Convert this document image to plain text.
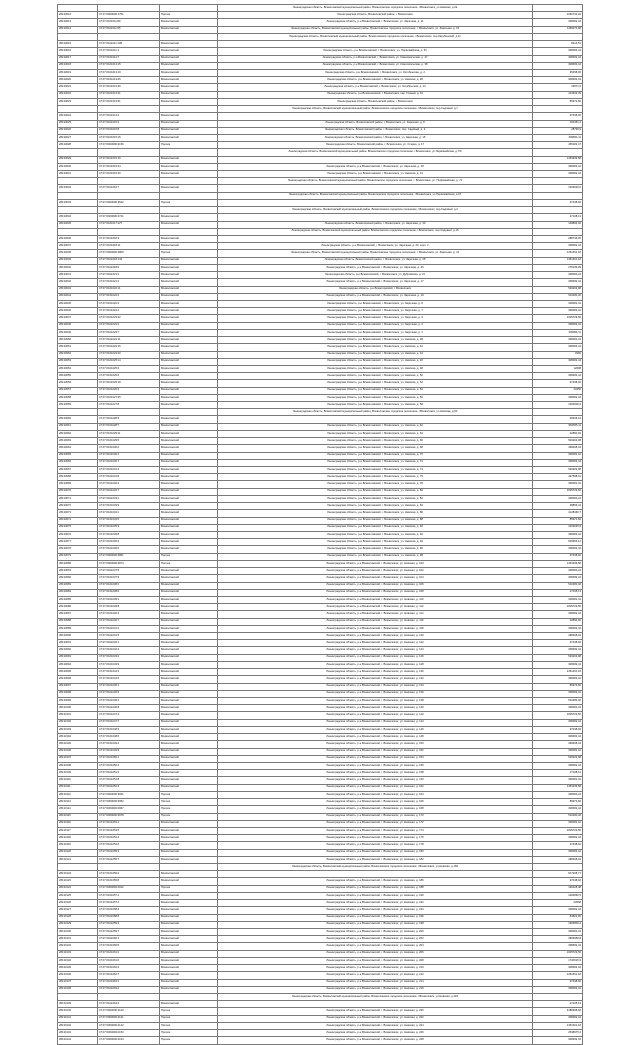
			Ленинградская область, Всеволожский муниципальный район, Всеволожское городское поселение, г.Всеволожск, ул.Невская, д.2а	
28133012	47:07:0000000:1701	Прочие	Ленинградская область, Всеволожский район, г. Всеволожск	1050732,22
28133013	47:07:0101011:80	Всеволожский	Ленинградская область, р-н Всеволожский, г. Всеволожск, ул. Заречная, д. 11	308482,44
28133014	47:07:0101011:95	Всеволожский	Ленинградская область, Всеволожский муниципальный район, Всеволожское городское поселение, г. Всеволожск, ул. Заречная, д. 15	1460074,98
			Ленинградская область, Всеволожский муниципальный район, Всеволожское городское поселение, г.Всеволожск, пер.Зарубинский, д.11	
28133015	47:07:0101011:108	Всеволожский		8214,51
28133016	47:07:0101011:1	Всеволожский	Ленинградская область, р-н Всеволожский, г. Всеволожск, ул. Первомайская, д. 51	308482,44
28133017	47:07:0101012:7	Всеволожский	Ленинградская область, р-н Всеволожский, г. Всеволожск, ул. Комсомольская, д. 47	308482,44
28133018	47:07:0101013:15	Всеволожский	Ленинградская область, р-н Всеволожский, г. Всеволожск, ул. Комсомольская, д. 38	308482,44
28133019	47:07:0101013:19	Всеволожский	Ленинградская область, р-н Всеволожский, г. Всеволожск, ул. Октябрьская, д. 2	95458,96
28133020	47:07:0101013:25	Всеволожский	Ленинградская область, р-н Всеволожский, г. Всеволожск, ул. Невская, д. 28	308482,44
28133021	47:07:0101013:30	Всеволожский	Ленинградская область, р-н Всеволожский, г. Всеволожск, ул. Октябрьская, д. 13	19571,5
28133022	47:07:0101013:41	Всеволожский	Ленинградская область, р-н Всеволожский, г. Всеволожск, пер. Горный, д. 10	413403,49
28133023	47:07:0101013:51	Всеволожский	Ленинградская область, Всеволожский район, г. Всеволожск	85974,82
			Ленинградская область, Всеволожский муниципальный район, Всеволожское городское поселение, г.Всеволожск, пер.Садовый, д.7	
28133024	47:07:0101014:4	Всеволожский		97438,92
28133025	47:07:0101015:2	Всеволожский	Ленинградская область, Всеволожский район, г. Всеволожск, ул. Заречная, д. 9	194451,2
28133026	47:07:0101015:8	Всеволожский	Ленинградская область, Всеволожский район, г. Всеволожск, пер. Садовый, д. 3	28739,9
28133027	47:07:0101015:15	Всеволожский	Ленинградская область, Всеволожский район, г. Всеволожск, ул. Заречная, д. 15	309651,11
28133028	47:07:0000000:3159	Прочие	Ленинградская область, Всеволожский район, г. Всеволожск, ул. Старая, д. 17	465183,47
			Ленинградская область, Всеволожский муниципальный район, Всеволожское городское поселение, г.Всеволожск, ул.Первомайская, д.7/9	
28133029	47:07:0101015:16	Всеволожский		1453499,58
28133030	47:07:0101015:24	Всеволожский	Ленинградская область, р-н Всеволожский, г. Всеволожск, ул. Заречная, д. 18	308482,44
28133031	47:07:0101015:30	Всеволожский	Ленинградская область, р-н Всеволожский, г. Всеволожск, ул. Невская, д. 31	308482,44
			Ленинградская область, Всеволожский муниципальный район, Всеволожское городское поселение, г. Всеволожск, ул. Первомайская, д. 72	
28133032	47:07:0101016:7	Всеволожский		1003636,6
			Ленинградская область, Всеволожский муниципальный район, Всеволожское городское поселение, г.Всеволожск, ул.Первомайская, д.67	
28133033	47:07:0000000:3542	Прочие		97438,92
			Ленинградская область, Всеволожский муниципальный район, Всеволожское городское поселение, г.Всеволожск, пер.Садовый, д.2	
28133034	47:07:0000000:4741	Всеволожский		27108,13
28133035	47:07:0101017:127	Всеволожский	Ленинградская область, Всеволожский район, г. Всеволожск, ул. Заречная, д. 30	139893,32
			Ленинградская область, Всеволожский муниципальный район, Всеволожское городское поселение, г.Всеволожск, пер.Садовый, д.15	
28133036	47:07:0101018:3	Всеволожский		288736,35
28133037	47:07:0101018:11	Всеволожский	Ленинградская область, р-н Всеволожский, г. Всеволожск, ул. Заречная, д. 23, корп. 2	308482,44
28133038	47:07:0000000:4805	Прочие	Ленинградская область, Всеволожский муниципальный район, Всеволожское городское поселение, г. Всеволожск, ул. Заречная, д. 41	1451461,18
28133039	47:07:0101018:144	Всеволожский	Ленинградская область, Всеволожский район, г. Всеволожск, ул. Заречная, д. 25	1451461,18
28133040	47:07:0101018:6	Всеволожский	Ленинградская область, р-н Всеволожский, г. Всеволожск, ул. Заречная, д. 45	278139,09
28133041	47:07:0101021:2	Всеволожский	Ленинградская область, р-н Всеволожский, г. Всеволожск, ул. Дубровская, д. 21	308482,44
28133042	47:07:0101021:4	Всеволожский	Ленинградская область, р-н Всеволожский, г. Всеволожск, ул. Заречная, д. 17	308482,44
28133043	47:07:0101022:11	Всеволожский	Ленинградская область, р-н Всеволожский, г. Всеволожск	529203,98
28133044	47:07:0101022:2	Всеволожский	Ленинградская область, р-н Всеволожский, г. Всеволожск, ул. Заречная, д. 19	510480,46
28133045	47:07:0101022:3	Всеволожский	Ленинградская область, р-н Всеволожский, г. Всеволожск, ул. Заречная, д. 8	308482,44
28133046	47:07:0101022:4	Всеволожский	Ленинградская область, р-н Всеволожский, г. Всеволожск, ул. Заречная, д. 7	308482,44
28133047	47:07:0101023:22	Всеволожский	Ленинградская область, р-н Всеволожский, г. Всеволожск, ул. Заречная, д. 3	1005729,56
28133048	47:07:0101023:4	Всеволожский	Ленинградская область, р-н Всеволожский, г. Всеволожск, ул. Заречная, д. 2	308482,44
28133049	47:07:0101023:7	Всеволожский	Ленинградская область, р-н Всеволожский, г. Всеволожск, ул. Заречная, д. 1	309651,11
28133050	47:07:0101024:11	Всеволожский	Ленинградская область, р-н Всеволожский, г. Всеволожск, ул. Невская, д. 38	308482,44
28133051	47:07:0101024:16	Всеволожский	Ленинградская область, р-н Всеволожский, г. Всеволожск, ул. Невская, д. 42	308482,44
28133052	47:07:0101024:20	Всеволожский	Ленинградская область, р-н Всеволожский, г. Всеволожск, ул. Невская, д. 44	3300
28133053	47:07:0101025:14	Всеволожский	Ленинградская область, р-н Всеволожский, г. Всеволожск, ул. Невская, д. 46	308482,44
28133054	47:07:0101025:2	Всеволожский	Ленинградская область, р-н Всеволожский, г. Всеволожск, ул. Невская, д. 48	12698
28133055	47:07:0101025:6	Всеволожский	Ленинградская область, р-н Всеволожский, г. Всеволожск, ул. Невская, д. 50	308482,44
28133056	47:07:0101026:18	Всеволожский	Ленинградская область, р-н Всеволожский, г. Всеволожск, ул. Невская, д. 52	97438,92
28133057	47:07:0101026:2	Всеволожский	Ленинградская область, р-н Всеволожский, г. Всеволожск, ул. Невская, д. 54	43450
28133058	47:07:0101027:25	Всеволожский	Ленинградская область, р-н Всеволожский, г. Всеволожск, ул. Невская, д. 56	308482,44
28133059	47:07:0101027:8	Всеволожский	Ленинградская область, р-н Всеволожский, г. Всеволожск, ул. Невская, д. 58	1450000,2
			Ленинградская область, Всеволожский муниципальный район, Всеволожское городское поселение, г.Всеволожск, ул.Невская, д.60	
28133060	47:07:0101028:3	Всеволожский		48466,19
28133061	47:07:0101028:7	Всеволожский	Ленинградская область, р-н Всеволожский, г. Всеволожск, ул. Невская, д. 62	984655,11
28133062	47:07:0101029:11	Всеволожский	Ленинградская область, р-н Всеволожский, г. Всеволожск, ул. Невская, д. 64	32890,02
28133063	47:07:0101029:5	Всеволожский	Ленинградская область, р-н Всеволожский, г. Всеволожск, ул. Невская, д. 66	529203,98
28133064	47:07:0101030:2	Всеволожский	Ленинградская область, р-н Всеволожский, г. Всеволожск, ул. Невская, д. 68	468468,44
28133065	47:07:0101030:4	Всеволожский	Ленинградская область, р-н Всеволожский, г. Всеволожск, ул. Невская, д. 70	308482,44
28133066	47:07:0101030:7	Всеволожский	Ленинградская область, р-н Всеволожский, г. Всеволожск, ул. Невская, д. 72	308482,44
28133067	47:07:0101031:4	Всеволожский	Ленинградская область, р-н Всеволожский, г. Всеволожск, ул. Невская, д. 74	529203,98
28133068	47:07:0101031:8	Всеволожский	Ленинградская область, р-н Всеволожский, г. Всеволожск, ул. Невская, д. 76	497588,01
28133069	47:07:0101032:2	Всеволожский	Ленинградская область, р-н Всеволожский, г. Всеволожск, ул. Невская, д. 78	308482,44
28133070	47:07:0101032:7	Всеволожский	Ленинградская область, р-н Всеволожский, г. Всеволожск, ул. Невская, д. 80	1005729,56
28133071	47:07:0101033:1	Всеволожский	Ленинградская область, р-н Всеволожский, г. Всеволожск, ул. Невская, д. 82	308482,44
28133072	47:07:0101033:9	Всеволожский	Ленинградская область, р-н Всеволожский, г. Всеволожск, ул. Невская, д. 84	38866,44
28133073	47:07:0101034:1	Всеволожский	Ленинградская область, р-н Всеволожский, г. Всеволожск, ул. Невская, д. 86	4128466,7
28133074	47:07:0101034:5	Всеволожский	Ленинградская область, р-н Всеволожский, г. Всеволожск, ул. Невская, д. 88	85974,82
28133075	47:07:0101035:3	Всеволожский	Ленинградская область, р-н Всеволожский, г. Всеволожск, ул. Невская, д. 90	1003636,6
28133076	47:07:0101035:8	Всеволожский	Ленинградская область, р-н Всеволожский, г. Всеволожск, ул. Невская, д. 92	308482,44
28133077	47:07:0101036:2	Всеволожский	Ленинградская область, р-н Всеволожский, г. Всеволожск, ул. Невская, д. 94	509655,14
28133078	47:07:0101036:6	Всеволожский	Ленинградская область, р-н Всеволожский, г. Всеволожск, ул. Невская, д. 96	308482,44
28133079	47:07:0000000:3861	Прочие	Ленинградская область, р-н Всеволожский, г. Всеволожск, ул. Невская, д. 98	97438,92
28133080	47:07:0000000:3874	Прочие	Ленинградская область, р-н Всеволожский, г. Всеволожск, ул. Невская, д. 100	1453499,58
28133081	47:07:0101037:5	Всеволожский	Ленинградская область, р-н Всеволожский, г. Всеволожск, ул. Невская, д. 102	308482,44
28133082	47:07:0101037:9	Всеволожский	Ленинградская область, р-н Всеволожский, г. Всеволожск, ул. Невская, д. 104	308482,44
28133083	47:07:0101038:2	Всеволожский	Ленинградская область, р-н Всеволожский, г. Всеволожск, ул. Невская, д. 106	510480,46
28133084	47:07:0101038:6	Всеволожский	Ленинградская область, р-н Всеволожский, г. Всеволожск, ул. Невская, д. 108	27108,13
28133085	47:07:0101039:1	Всеволожский	Ленинградская область, р-н Всеволожский, г. Всеволожск, ул. Невская, д. 110	308482,44
28133086	47:07:0101039:8	Всеволожский	Ленинградская область, р-н Всеволожский, г. Всеволожск, ул. Невская, д. 112	1005729,56
28133087	47:07:0101040:3	Всеволожский	Ленинградская область, р-н Всеволожский, г. Всеволожск, ул. Невская, д. 114	308482,44
28133088	47:07:0101040:7	Всеволожский	Ленинградская область, р-н Всеволожский, г. Всеволожск, ул. Невская, д. 116	32890,02
28133089	47:07:0101041:2	Всеволожский	Ленинградская область, р-н Всеволожский, г. Всеволожск, ул. Невская, д. 118	308482,44
28133090	47:07:0101041:5	Всеволожский	Ленинградская область, р-н Всеволожский, г. Всеволожск, ул. Невская, д. 120	468468,44
28133091	47:07:0101042:1	Всеволожский	Ленинградская область, р-н Всеволожский, г. Всеволожск, ул. Невская, д. 122	97438,92
28133092	47:07:0101042:4	Всеволожский	Ленинградская область, р-н Всеволожский, г. Всеволожск, ул. Невская, д. 124	308482,44
28133093	47:07:0101043:2	Всеволожский	Ленинградская область, р-н Всеволожский, г. Всеволожск, ул. Невская, д. 126	529203,98
28133094	47:07:0101043:9	Всеволожский	Ленинградская область, р-н Всеволожский, г. Всеволожск, ул. Невская, д. 128	308482,44
28133095	47:07:0101044:3	Всеволожский	Ленинградская область, р-н Всеволожский, г. Всеволожск, ул. Невская, д. 130	1451461,18
28133096	47:07:0101044:6	Всеволожский	Ленинградская область, р-н Всеволожский, г. Всеволожск, ул. Невская, д. 132	308482,44
28133097	47:07:0101045:1	Всеволожский	Ленинградская область, р-н Всеволожский, г. Всеволожск, ул. Невская, д. 134	85974,82
28133098	47:07:0101045:5	Всеволожский	Ленинградская область, р-н Всеволожский, г. Всеволожск, ул. Невская, д. 136	308482,44
28133099	47:07:0101046:2	Всеволожский	Ленинградская область, р-н Всеволожский, г. Всеволожск, ул. Невская, д. 138	510480,46
28133100	47:07:0101046:8	Всеволожский	Ленинградская область, р-н Всеволожский, г. Всеволожск, ул. Невская, д. 140	308482,44
28133101	47:07:0101047:4	Всеволожский	Ленинградская область, р-н Всеволожский, г. Всеволожск, ул. Невская, д. 142	1005729,56
28133102	47:07:0101047:7	Всеволожский	Ленинградская область, р-н Всеволожский, г. Всеволожск, ул. Невская, д. 144	308482,44
28133103	47:07:0101048:3	Всеволожский	Ленинградская область, р-н Всеволожский, г. Всеволожск, ул. Невская, д. 146	97438,92
28133104	47:07:0101048:6	Всеволожский	Ленинградская область, р-н Всеволожский, г. Всеволожск, ул. Невская, д. 148	308482,44
28133105	47:07:0101049:2	Всеволожский	Ленинградская область, р-н Всеволожский, г. Всеволожск, ул. Невская, д. 150	468468,44
28133106	47:07:0101049:5	Всеволожский	Ленинградская область, р-н Всеволожский, г. Всеволожск, ул. Невская, д. 152	308482,44
28133107	47:07:0101050:1	Всеволожский	Ленинградская область, р-н Всеволожский, г. Всеволожск, ул. Невская, д. 154	529203,98
28133108	47:07:0101050:4	Всеволожский	Ленинградская область, р-н Всеволожский, г. Всеволожск, ул. Невская, д. 156	308482,44
28133109	47:07:0101051:3	Всеволожский	Ленинградская область, р-н Всеволожский, г. Всеволожск, ул. Невская, д. 158	27108,13
28133110	47:07:0101051:8	Всеволожский	Ленинградская область, р-н Всеволожский, г. Всеволожск, ул. Невская, д. 160	308482,44
28133111	47:07:0101052:2	Всеволожский	Ленинградская область, р-н Всеволожский, г. Всеволожск, ул. Невская, д. 162	1453499,58
28133112	47:07:0000000:3941	Прочие	Ленинградская область, р-н Всеволожский, г. Всеволожск, ул. Невская, д. 164	308482,44
28133113	47:07:0000000:3952	Прочие	Ленинградская область, р-н Всеволожский, г. Всеволожск, ул. Невская, д. 166	85974,82
28133114	47:07:0000000:3967	Прочие	Ленинградская область, р-н Всеволожский, г. Всеволожск, ул. Невская, д. 168	308482,44
28133115	47:07:0000000:3978	Прочие	Ленинградская область, р-н Всеволожский, г. Всеволожск, ул. Невская, д. 170	510480,46
28133116	47:07:0101053:1	Всеволожский	Ленинградская область, р-н Всеволожский, г. Всеволожск, ул. Невская, д. 172	308482,44
28133117	47:07:0101053:5	Всеволожский	Ленинградская область, р-н Всеволожский, г. Всеволожск, ул. Невская, д. 174	1005729,56
28133118	47:07:0101054:2	Всеволожский	Ленинградская область, р-н Всеволожский, г. Всеволожск, ул. Невская, д. 176	308482,44
28133119	47:07:0101054:6	Всеволожский	Ленинградская область, р-н Всеволожский, г. Всеволожск, ул. Невская, д. 178	97438,92
28133120	47:07:0101055:3	Всеволожский	Ленинградская область, р-н Всеволожский, г. Всеволожск, ул. Невская, д. 180	308482,44
28133121	47:07:0101055:7	Всеволожский	Ленинградская область, р-н Всеволожский, г. Всеволожск, ул. Невская, д. 182	468468,44
			Ленинградская область, Всеволожский муниципальный район, Всеволожское городское поселение, г.Всеволожск, ул.Невская, д.184	
28133122	47:07:0101056:2	Всеволожский		547308,77
28133123	47:07:0101056:8	Всеволожский	Ленинградская область, р-н Всеволожский, г. Всеволожск, ул. Невская, д. 186	97438,92
28133124	47:07:0000000:4012	Прочие	Ленинградская область, р-н Всеволожский, г. Всеволожск, ул. Невская, д. 188	196428,48
28133125	47:07:0101057:1	Всеволожский	Ленинградская область, р-н Всеволожский, г. Всеволожск, ул. Невская, д. 190	1094860,5
28133126	47:07:0101057:4	Всеволожский	Ленинградская область, р-н Всеволожский, г. Всеволожск, ул. Невская, д. 192	23658
28133127	47:07:0101058:2	Всеволожский	Ленинградская область, р-н Всеволожский, г. Всеволожск, ул. Невская, д. 194	308482,44
28133128	47:07:0101058:6	Всеволожский	Ленинградская область, р-н Всеволожский, г. Всеволожск, ул. Невская, д. 196	64822,05
28133129	47:07:0101059:3	Всеволожский	Ленинградская область, р-н Всеволожский, г. Всеволожск, ул. Невская, д. 198	1964800,2
28133130	47:07:0101059:7	Всеволожский	Ленинградская область, р-н Всеволожский, г. Всеволожск, ул. Невская, д. 200	308482,44
28133131	47:07:0101060:1	Всеволожский	Ленинградская область, р-н Всеволожский, г. Всеволожск, ул. Невская, д. 202	3669958,8
28133132	47:07:0101060:5	Всеволожский	Ленинградская область, р-н Всеволожский, г. Всеволожск, ул. Невская, д. 204	308482,44
28133133	47:07:0101061:2	Всеволожский	Ленинградская область, р-н Всеволожский, г. Всеволожск, ул. Невская, д. 206	1005729,56
28133134	47:07:0101061:6	Всеволожский	Ленинградская область, р-н Всеволожский, г. Всеволожск, ул. Невская, д. 208	1734515,9
28133135	47:07:0101062:3	Всеволожский	Ленинградская область, р-н Всеволожский, г. Всеволожск, ул. Невская, д. 210	308482,44
28133136	47:07:0101062:7	Всеволожский	Ленинградская область, р-н Всеволожский, г. Всеволожск, ул. Невская, д. 212	1451461,18
28133137	47:07:0101063:1	Всеволожский	Ленинградская область, р-н Всеволожский, г. Всеволожск, ул. Невская, д. 214	97438,92
28133138	47:07:0101063:4	Всеволожский	Ленинградская область, р-н Всеволожский, г. Всеволожск, ул. Невская, д. 216	308482,44
			Ленинградская область, Всеволожский муниципальный район, Всеволожское городское поселение, г.Всеволожск, ул.Невская, д.218	
28133139	47:07:0101064:2	Всеволожский		27108,13
28133140	47:07:0000000:4120	Прочие	Ленинградская область, р-н Всеволожский, г. Всеволожск, ул. Невская, д. 220	2188468,66
28133141	47:07:0000000:4131	Прочие	Ленинградская область, р-н Всеволожский, г. Всеволожск, ул. Невская, д. 222	308482,44
28133142	47:07:0000000:4142	Прочие	Ленинградская область, р-н Всеволожский, г. Всеволожск, ул. Невская, д. 224	1451461,18
28133143	47:07:0000000:4153	Прочие	Ленинградская область, р-н Всеволожский, г. Всеволожск, ул. Невская, д. 226	2548975,4
28133144	47:07:0000000:4164	Прочие	Ленинградская область, р-н Всеволожский, г. Всеволожск, ул. Невская, д. 228	308482,44
